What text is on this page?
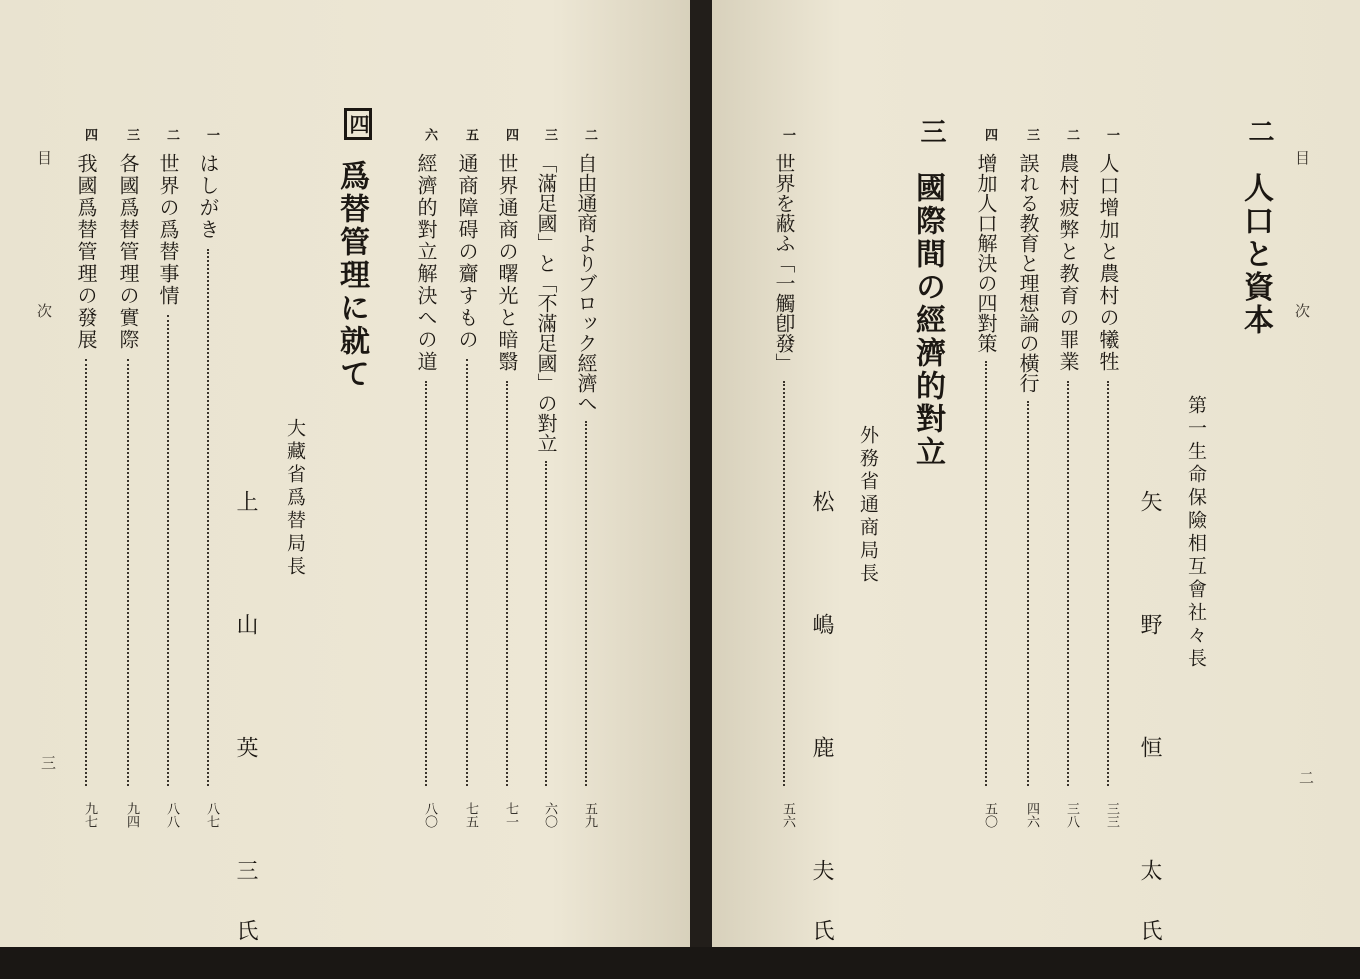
目 次
三
四
我國爲替管理の發展
九七
三
各國爲替管理の實際
九四
二
世界の爲替事情
八八
一
はしがき
八七 上 山 英 三氏 大藏省爲替局長
爲替管理に就て
四
六
經濟的對立解決への道
八〇
五
通商障碍の齎すもの
七五
四
世界通商の曙光と暗翳
七一
三
「滿足國」と「不滿足國」の對立
六〇
二
自由通商よりブロック經濟へ
五九
一
世界を蔽ふ「一觸卽發」
五六 松 嶋 鹿 夫氏 外務省通商局長
國際間の經濟的對立
三	四
增加人口解決の四對策
五〇
三
誤れる教育と理想論の橫行
四六
二
農村疲弊と教育の罪業
三八
一
人口增加と農村の犧牲
三三 矢 野 恒 太氏 第一生命保險相互會社々長
人口と資本
二
目 次
二
